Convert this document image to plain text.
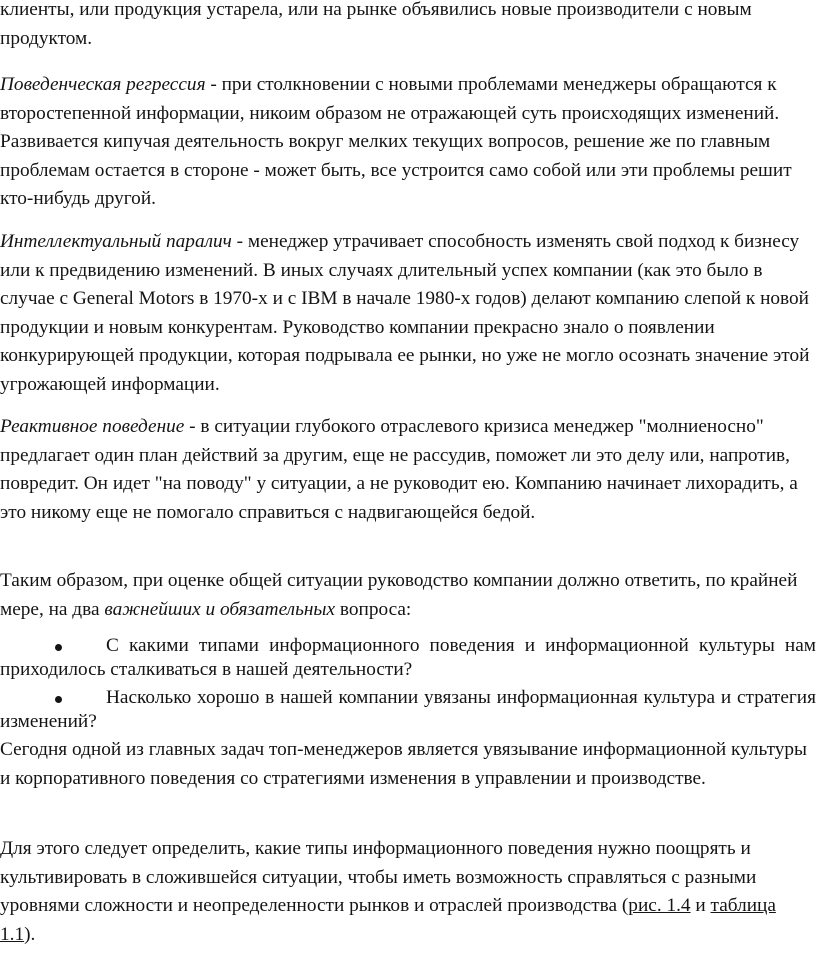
клиенты, или продукция устарела, или на рынке объявились новые производители с новым продуктом.

Поведенческая регрессия - при столкновении с новыми проблемами менеджеры обращаются к второстепенной информации, никоим образом не отражающей суть происходящих изменений. Развивается кипучая деятельность вокруг мелких текущих вопросов, решение же по главным проблемам остается в стороне - может быть, все устроится само собой или эти проблемы решит кто-нибудь другой.

Интеллектуальный паралич - менеджер утрачивает способность изменять свой подход к бизнесу или к предвидению изменений. В иных случаях длительный успех компании (как это было в случае с General Motors в 1970-х и с IBM в начале 1980-х годов) делают компанию слепой к новой продукции и новым конкурентам. Руководство компании прекрасно знало о появлении конкурирующей продукции, которая подрывала ее рынки, но уже не могло осознать значение этой угрожающей информации.

Реактивное поведение - в ситуации глубокого отраслевого кризиса менеджер "молниеносно" предлагает один план действий за другим, еще не рассудив, поможет ли это делу или, напротив, повредит. Он идет "на поводу" у ситуации, а не руководит ею. Компанию начинает лихорадить, а это никому еще не помогало справиться с надвигающейся бедой.

Таким образом, при оценке общей ситуации руководство компании должно ответить, по крайней мере, на два важнейших и обязательных вопроса:

С какими типами информационного поведения и информационной культуры нам приходилось сталкиваться в нашей деятельности?
Насколько хорошо в нашей компании увязаны информационная культура и стратегия изменений?

Сегодня одной из главных задач топ-менеджеров является увязывание информационной культуры и корпоративного поведения со стратегиями изменения в управлении и производстве.

Для этого следует определить, какие типы информационного поведения нужно поощрять и культивировать в сложившейся ситуации, чтобы иметь возможность справляться с разными уровнями сложности и неопределенности рынков и отраслей производства (рис. 1.4 и таблица 1.1).
